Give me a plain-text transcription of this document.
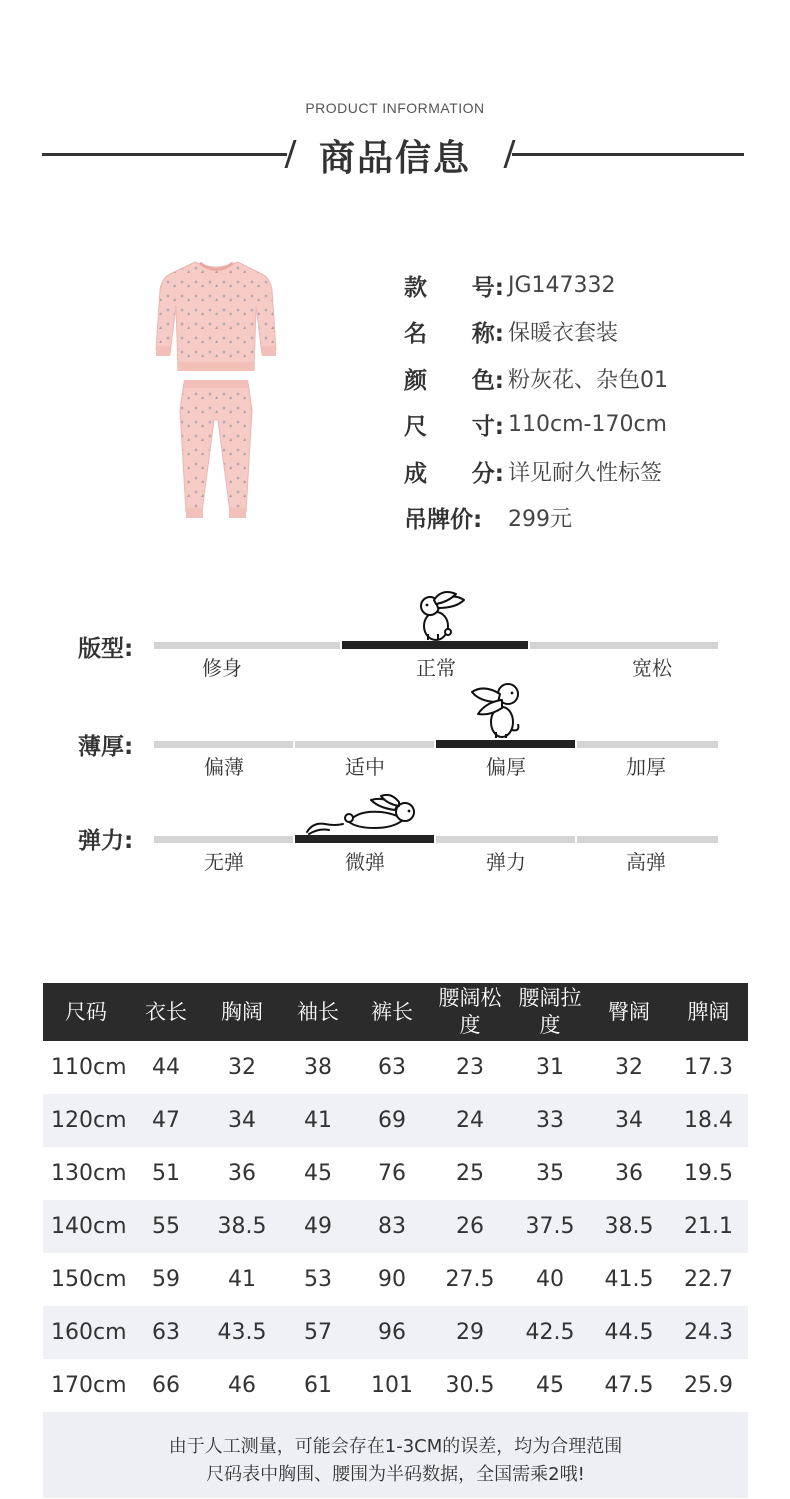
PRODUCT INFORMATION
商品信息
款 号: JG147332
名 称: 保暖衣套装
颜 色: 粉灰花、杂色01
尺 寸: 110cm-170cm
成 分: 详见耐久性标签
吊牌价: 299元
版型:
修身	正常	宽松
薄厚:
偏薄	适中	偏厚	加厚
弹力:
无弹	微弹	弹力	高弹
尺码	衣长	胸阔	袖长	裤长	腰阔松度	腰阔拉度	臀阔	脾阔
110cm	44	32	38	63	23	31	32	17.3
120cm	47	34	41	69	24	33	34	18.4
130cm	51	36	45	76	25	35	36	19.5
140cm	55	38.5	49	83	26	37.5	38.5	21.1
150cm	59	41	53	90	27.5	40	41.5	22.7
160cm	63	43.5	57	96	29	42.5	44.5	24.3
170cm	66	46	61	101	30.5	45	47.5	25.9
由于人工测量，可能会存在1-3CM的误差，均为合理范围
尺码表中胸围、腰围为半码数据，全国需乘2哦!
